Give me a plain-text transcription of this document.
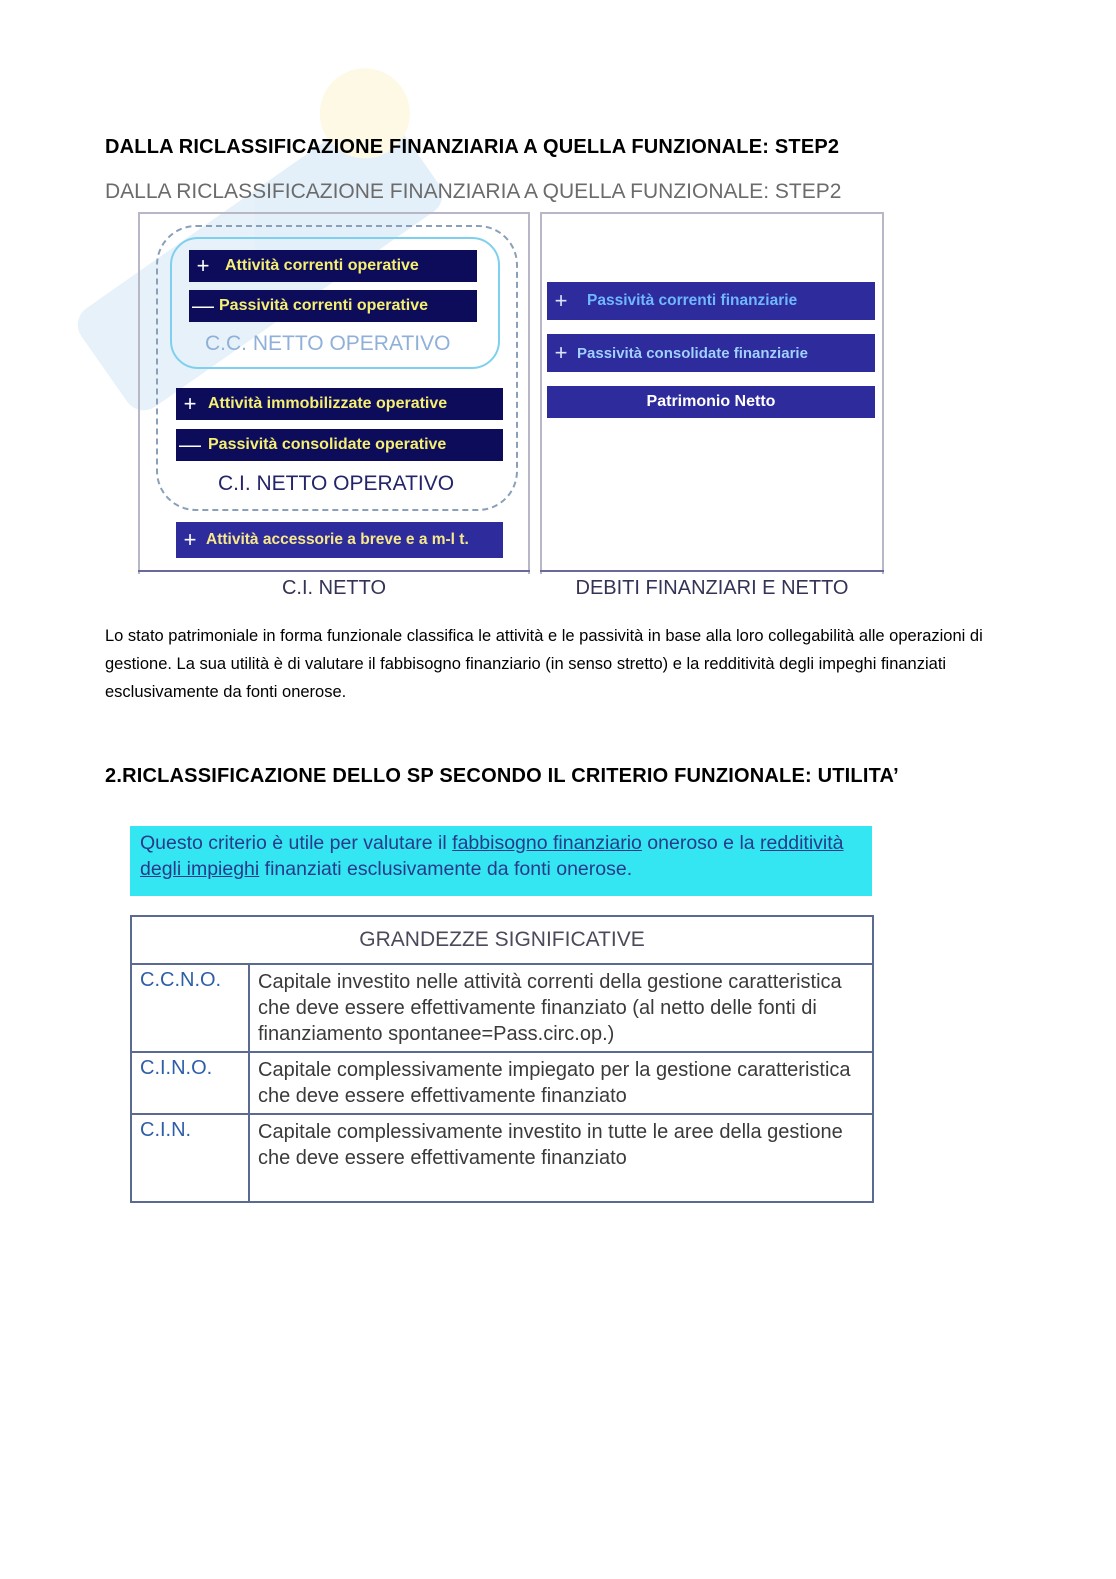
DALLA RICLASSIFICAZIONE FINANZIARIA A QUELLA FUNZIONALE: STEP2
DALLA RICLASSIFICAZIONE FINANZIARIA A QUELLA FUNZIONALE: STEP2
+ Attività correnti operative
— Passività correnti operative
C.C. NETTO OPERATIVO
+ Attività immobilizzate operative
— Passività consolidate operative
C.I. NETTO OPERATIVO
+ Attività accessorie a breve e a m-l t.
C.I. NETTO
+	Passività correnti finanziarie
+ Passività consolidate finanziarie
Patrimonio Netto
DEBITI FINANZIARI E NETTO
Lo stato patrimoniale in forma funzionale classifica le attività e le passività in base alla loro collegabilità alle operazioni di gestione. La sua utilità è di valutare il fabbisogno finanziario (in senso stretto) e la redditività degli impeghi finanziati esclusivamente da fonti onerose.
2.RICLASSIFICAZIONE DELLO SP SECONDO IL CRITERIO FUNZIONALE: UTILITA’
Questo criterio è utile per valutare il fabbisogno finanziario oneroso e la redditività degli impieghi finanziati esclusivamente da fonti onerose.
GRANDEZZE SIGNIFICATIVE	
C.C.N.O.	Capitale investito nelle attività correnti della gestione caratteristica che deve essere effettivamente finanziato (al netto delle fonti di finanziamento spontanee=Pass.circ.op.)
C.I.N.O.	Capitale complessivamente impiegato per la gestione caratteristica che deve essere effettivamente finanziato
C.I.N.	Capitale complessivamente investito in tutte le aree della gestione che deve essere effettivamente finanziato
